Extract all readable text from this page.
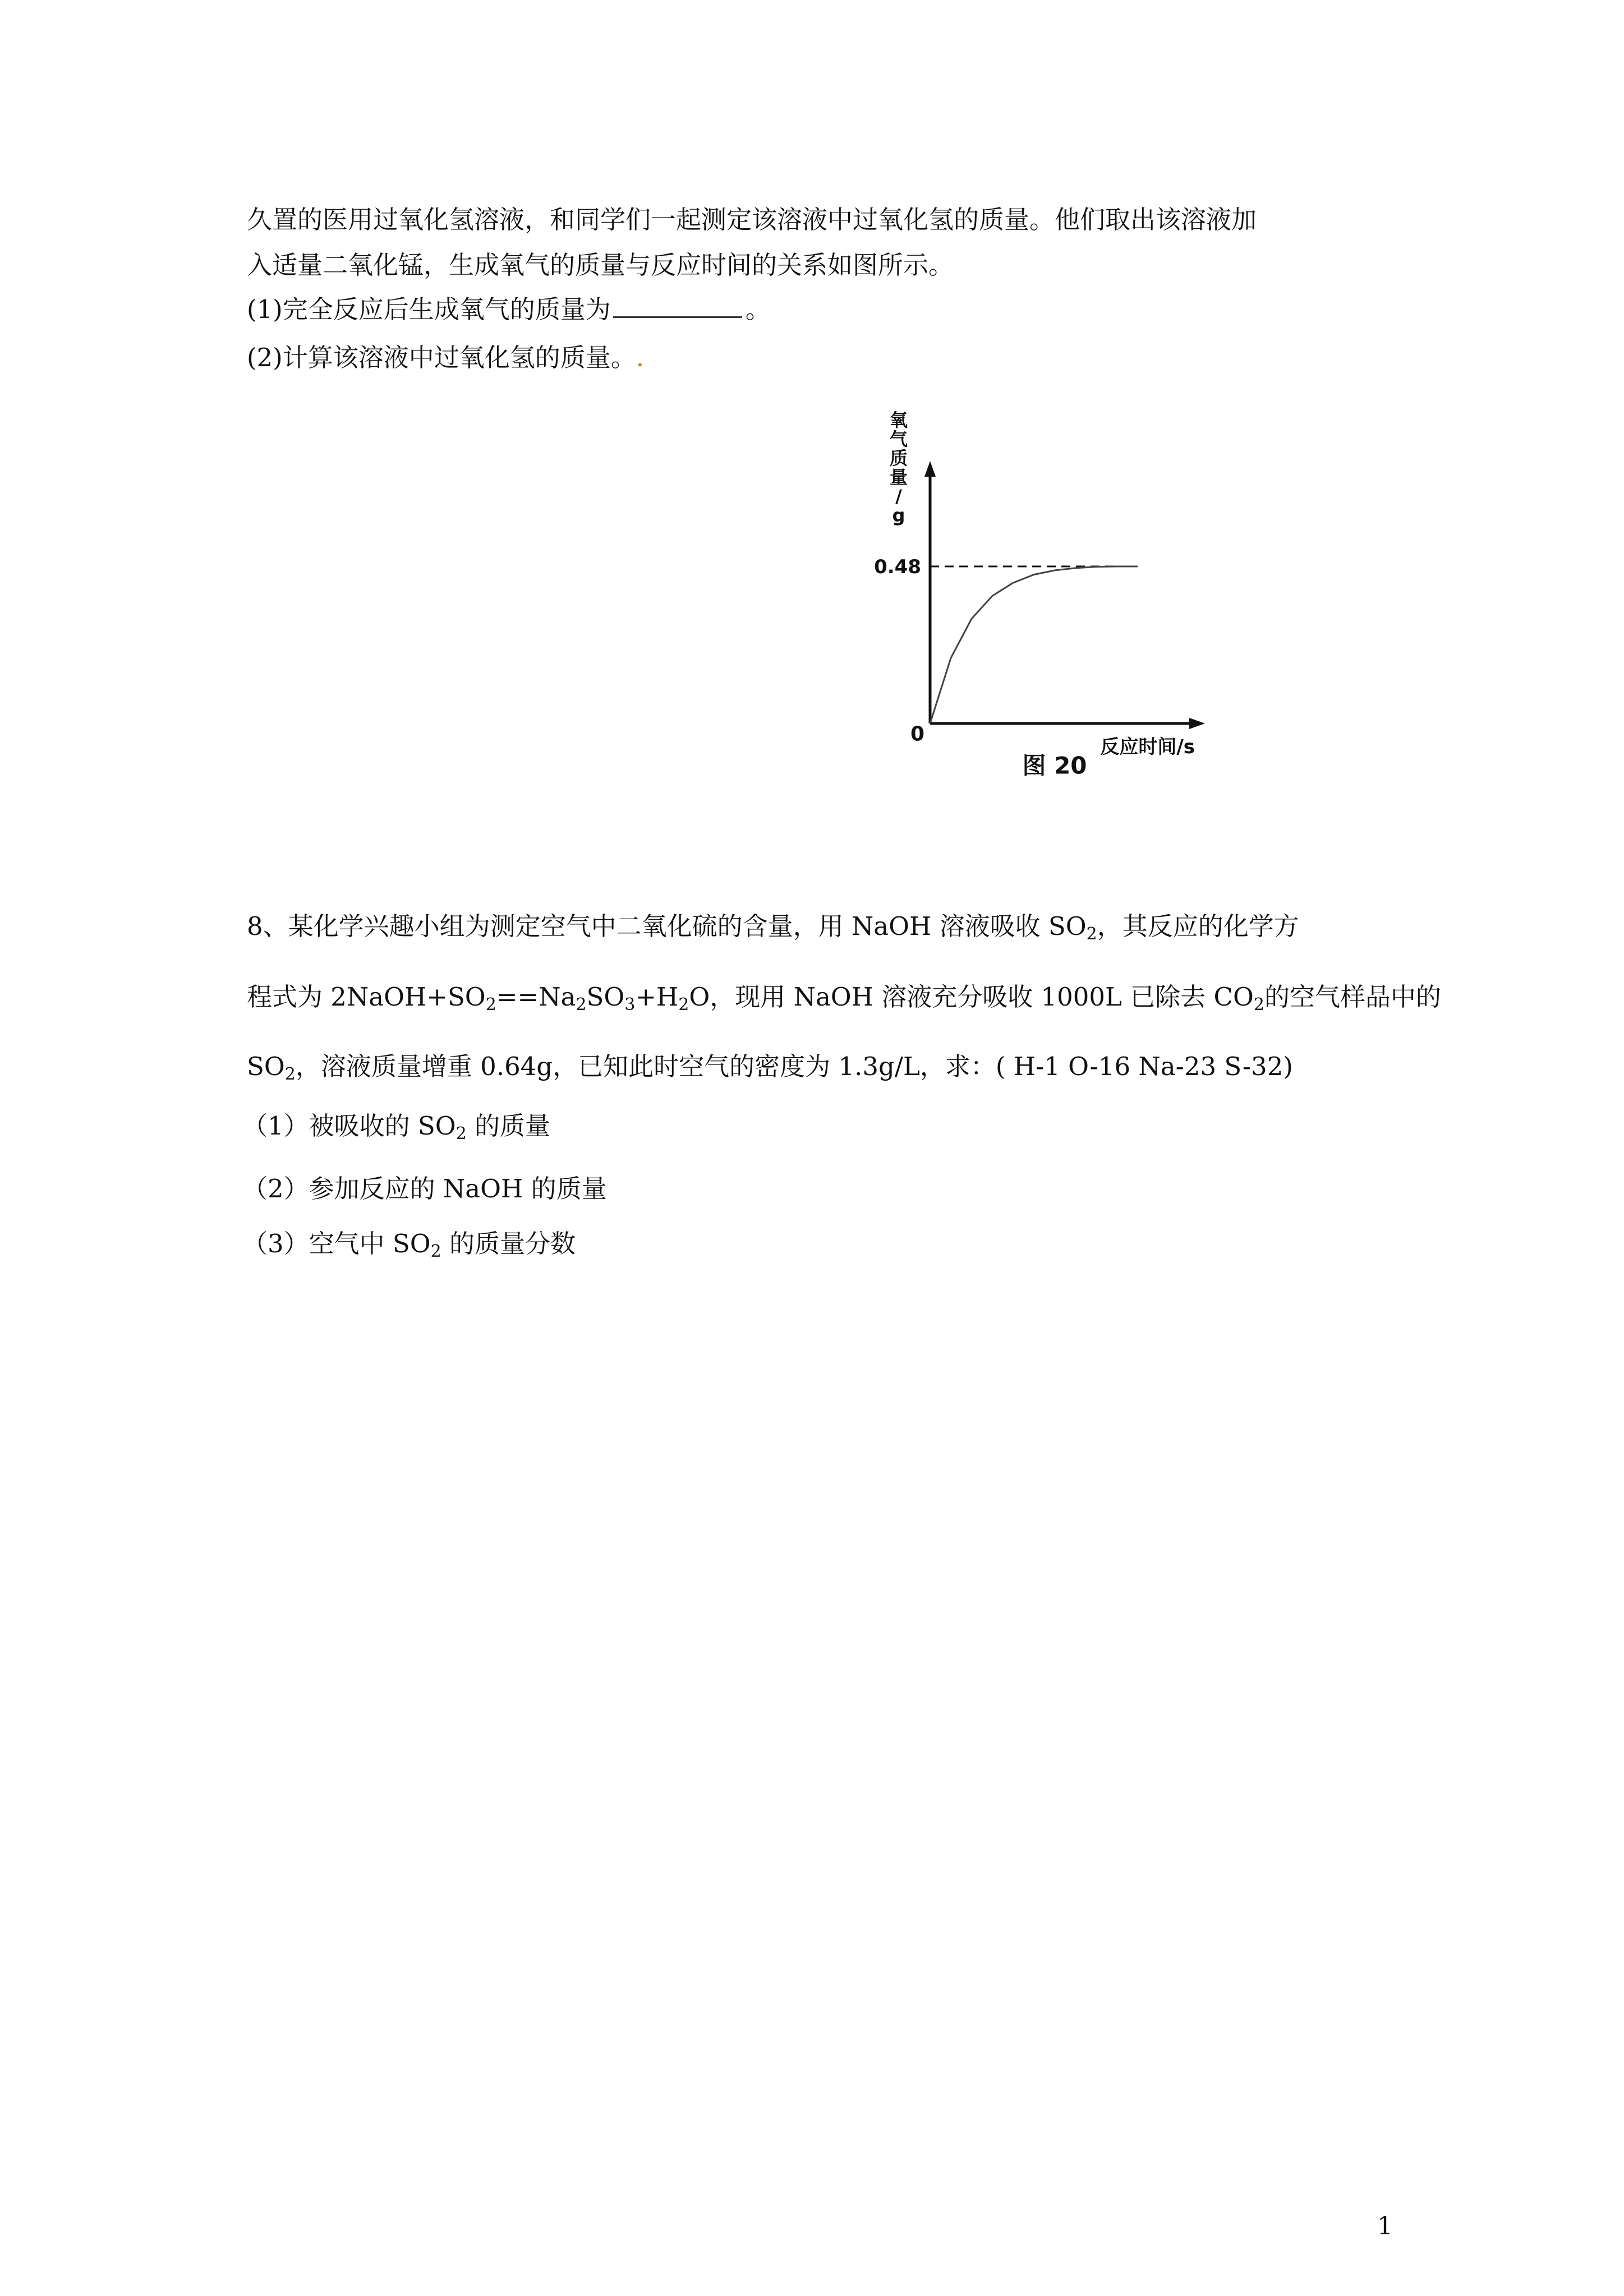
久置的医用过氧化氢溶液，和同学们一起测定该溶液中过氧化氢的质量。他们取出该溶液加
入适量二氧化锰，生成氧气的质量与反应时间的关系如图所示。
(1)完全反应后生成氧气的质量为	。
(2)计算该溶液中过氧化氢的质量。.
氧
气
质
量
/
g
0.48
0
反应时间/s
图 20
8、某化学兴趣小组为测定空气中二氧化硫的含量，用 NaOH 溶液吸收 $SO_2$，其反应的化学方
程式为 $2NaOH+SO_2==Na_2SO_3+H_2O$，现用 NaOH 溶液充分吸收 1000L 已除去 $CO_2$的空气样品中的
$SO_2$，溶液质量增重 0.64g，已知此时空气的密度为 1.3g/L，求：( H-1 O-16 Na-23 S-32)
（1）被吸收的 $SO_2$ 的质量
（2）参加反应的 NaOH 的质量
（3）空气中 $SO_2$ 的质量分数
1
